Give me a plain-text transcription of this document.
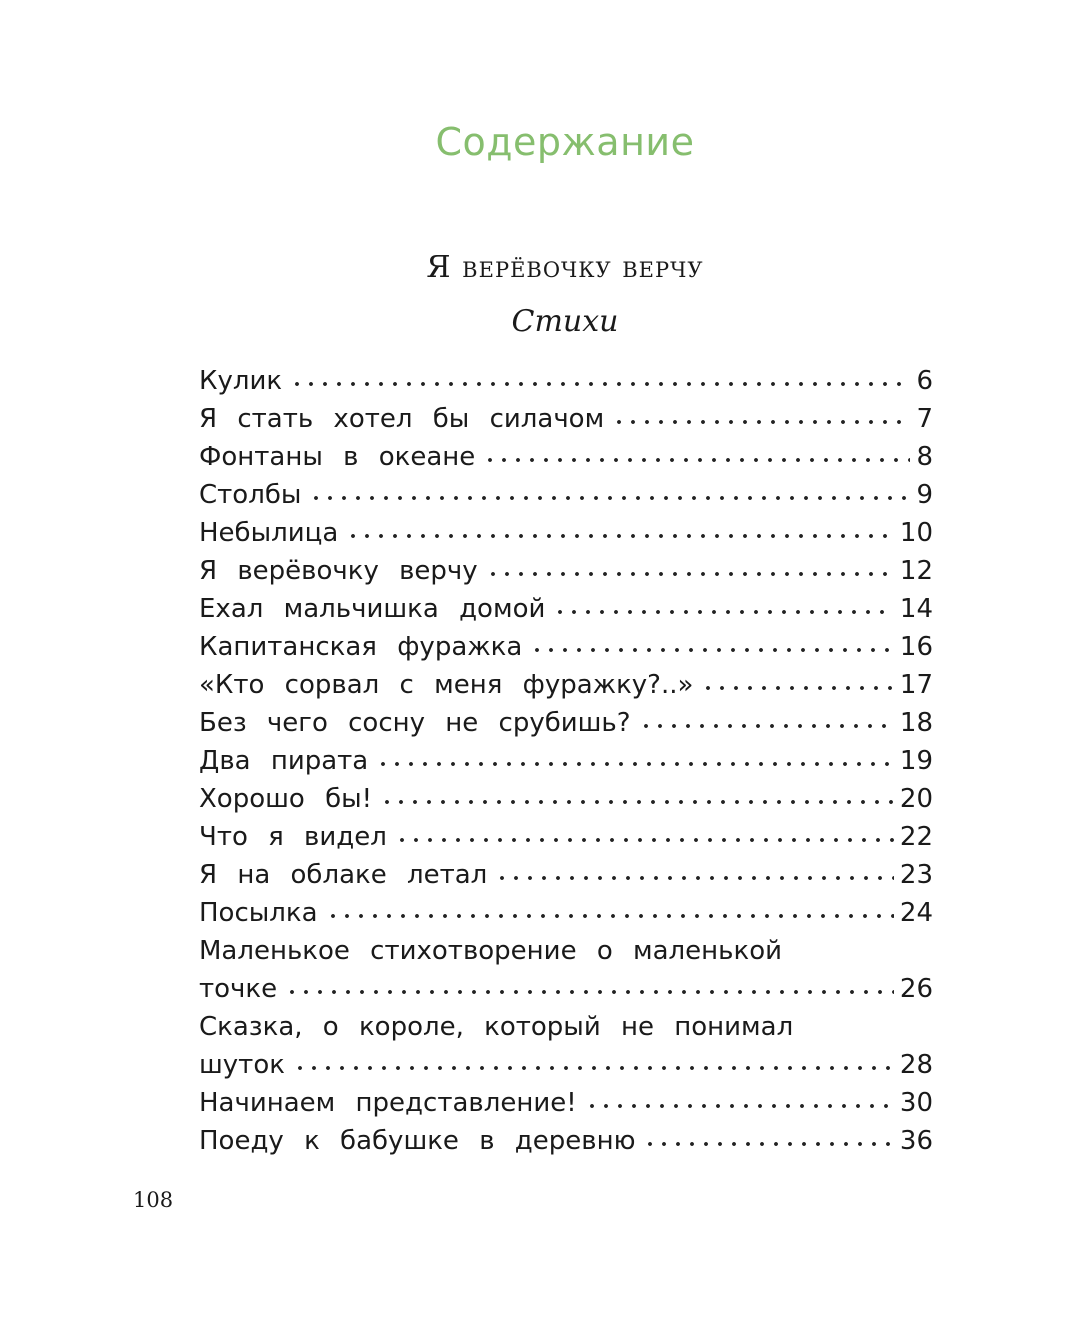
Содержание
Я верёвочку верчу
Стихи
Кулик	6
Я стать хотел бы силачом	7
Фонтаны в океане	8
Столбы	9
Небылица	10
Я верёвочку верчу	12
Ехал мальчишка домой	14
Капитанская фуражка	16
«Кто сорвал с меня фуражку?..»	17
Без чего сосну не срубишь?	18
Два пирата	19
Хорошо бы!	20
Что я видел	22
Я на облаке летал	23
Посылка	24
Маленькое стихотворение о маленькой
точке	26
Сказка, о короле, который не понимал
шуток	28
Начинаем представление!	30
Поеду к бабушке в деревню	36
108
